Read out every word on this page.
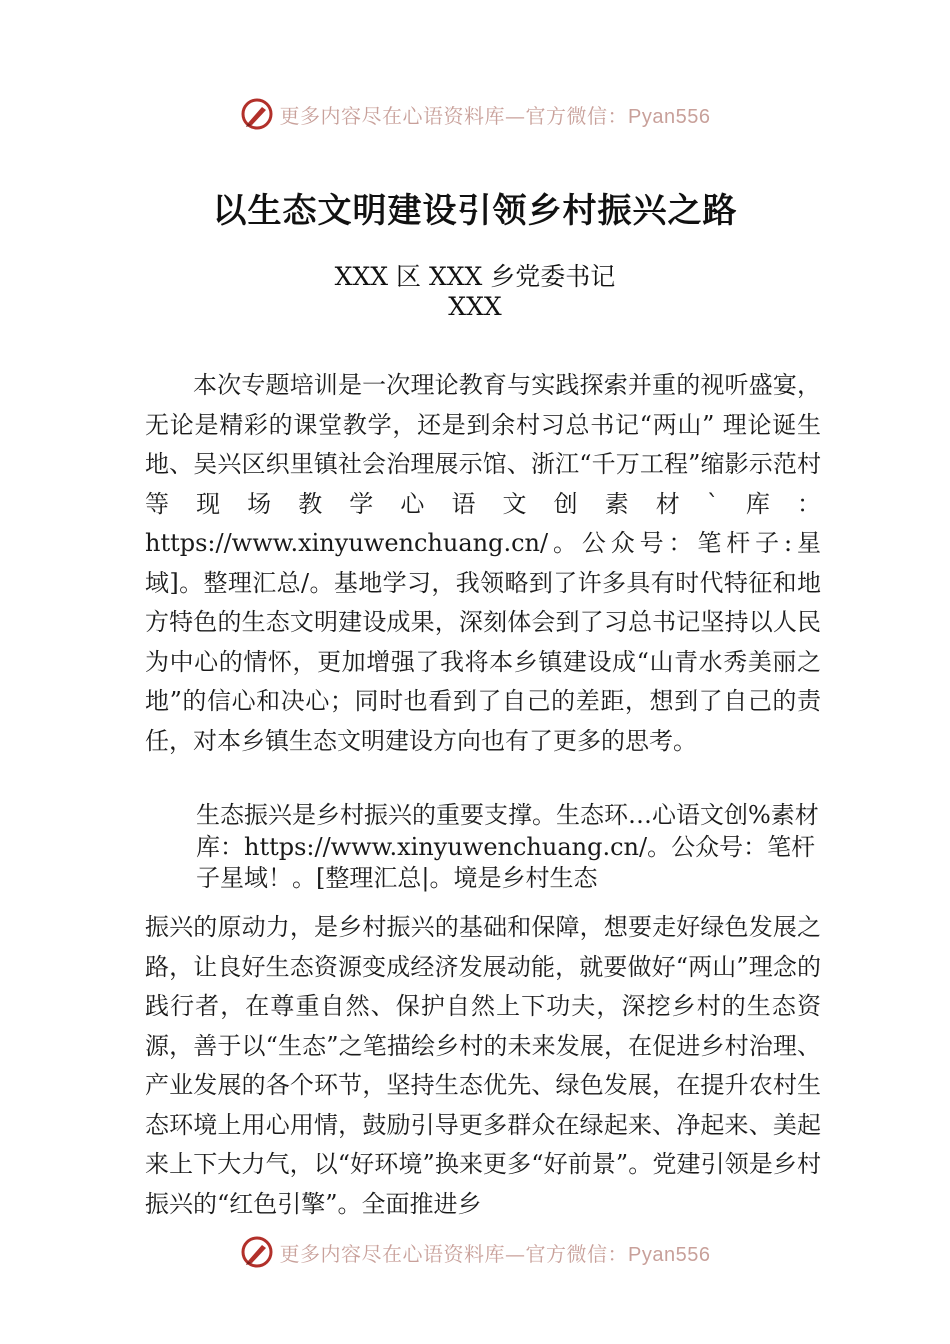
更多内容尽在心语资料库—官方微信：Pyan556
以生态文明建设引领乡村振兴之路
XXX 区 XXX 乡党委书记
XXX

本次专题培训是一次理论教育与实践探索并重的视听盛宴，无论是精彩的课堂教学，还是到余村习总书记“两山” 理论诞生地、吴兴区织里镇社会治理展示馆、浙江“千万工程”缩影示范村等现场教学心语文创素材`库：https://www.xinyuwenchuang.cn/。公众号：笔杆子:星域]。整理汇总/。基地学习，我领略到了许多具有时代特征和地方特色的生态文明建设成果，深刻体会到了习总书记坚持以人民为中心的情怀，更加增强了我将本乡镇建设成“山青水秀美丽之地”的信心和决心；同时也看到了自己的差距，想到了自己的责任，对本乡镇生态文明建设方向也有了更多的思考。

生态振兴是乡村振兴的重要支撑。生态环…心语文创%素材库：https://www.xinyuwenchuang.cn/。公众号：笔杆子星域！。[整理汇总|。境是乡村生态

振兴的原动力，是乡村振兴的基础和保障，想要走好绿色发展之路，让良好生态资源变成经济发展动能，就要做好“两山”理念的践行者，在尊重自然、保护自然上下功夫，深挖乡村的生态资源，善于以“生态”之笔描绘乡村的未来发展，在促进乡村治理、产业发展的各个环节，坚持生态优先、绿色发展，在提升农村生态环境上用心用情，鼓励引导更多群众在绿起来、净起来、美起来上下大力气，以“好环境”换来更多“好前景”。党建引领是乡村振兴的“红色引擎”。全面推进乡

更多内容尽在心语资料库—官方微信：Pyan556
